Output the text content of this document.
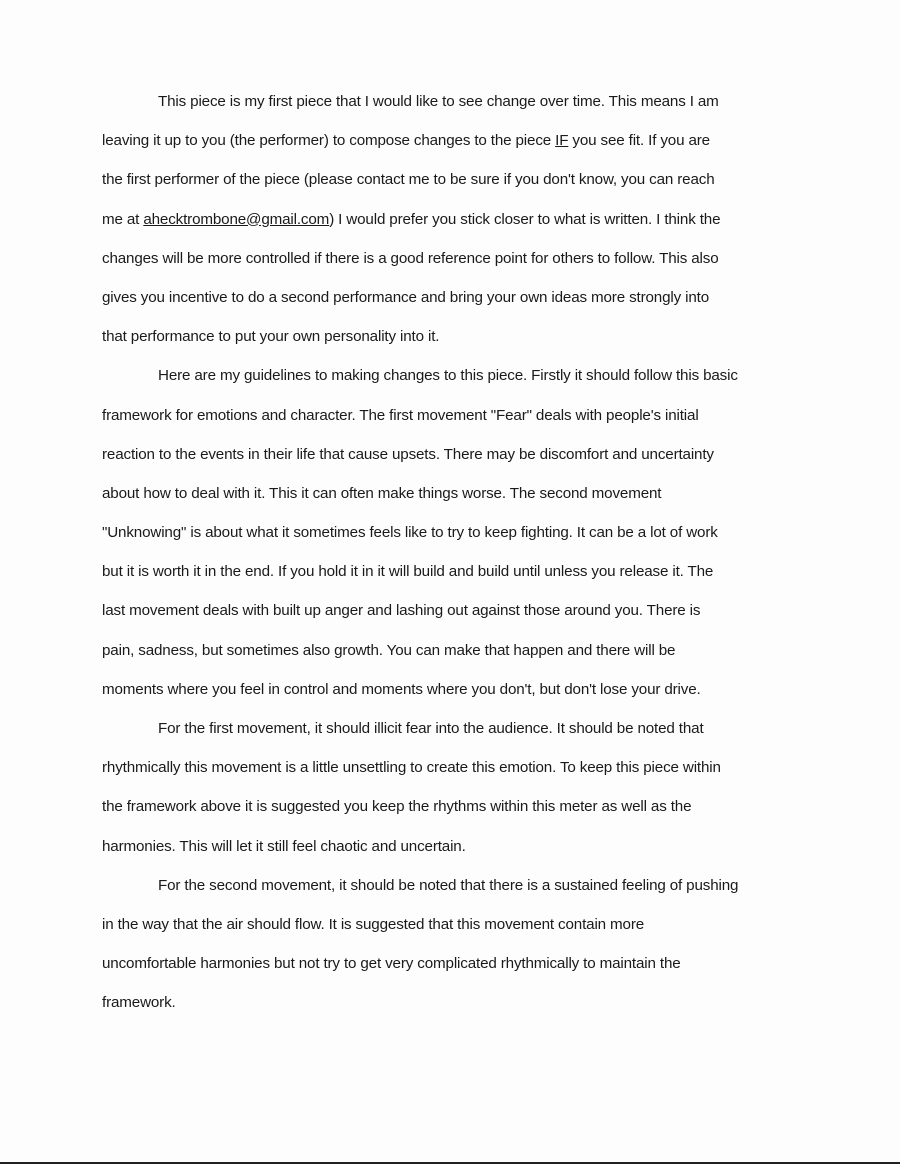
This piece is my first piece that I would like to see change over time. This means I am
leaving it up to you (the performer) to compose changes to the piece IF you see fit. If you are
the first performer of the piece (please contact me to be sure if you don't know, you can reach
me at ahecktrombone@gmail.com) I would prefer you stick closer to what is written. I think the
changes will be more controlled if there is a good reference point for others to follow. This also
gives you incentive to do a second performance and bring your own ideas more strongly into
that performance to put your own personality into it.
Here are my guidelines to making changes to this piece. Firstly it should follow this basic
framework for emotions and character. The first movement "Fear" deals with people's initial
reaction to the events in their life that cause upsets. There may be discomfort and uncertainty
about how to deal with it. This it can often make things worse. The second movement
"Unknowing" is about what it sometimes feels like to try to keep fighting. It can be a lot of work
but it is worth it in the end. If you hold it in it will build and build until unless you release it. The
last movement deals with built up anger and lashing out against those around you. There is
pain, sadness, but sometimes also growth. You can make that happen and there will be
moments where you feel in control and moments where you don't, but don't lose your drive.
For the first movement, it should illicit fear into the audience. It should be noted that
rhythmically this movement is a little unsettling to create this emotion. To keep this piece within
the framework above it is suggested you keep the rhythms within this meter as well as the
harmonies. This will let it still feel chaotic and uncertain.
For the second movement, it should be noted that there is a sustained feeling of pushing
in the way that the air should flow. It is suggested that this movement contain more
uncomfortable harmonies but not try to get very complicated rhythmically to maintain the
framework.
